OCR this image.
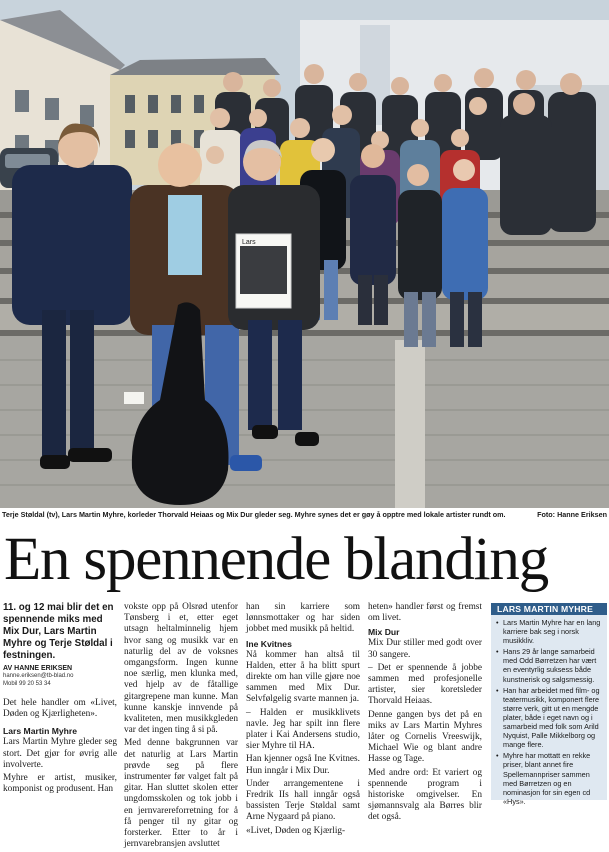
Lars
Terje Støldal (tv), Lars Martin Myhre, korleder Thorvald Heiaas og Mix Dur gleder seg. Myhre synes det er gøy å opptre med lokale artister rundt om.	Foto: Hanne Eriksen
En spennende blanding

11. og 12 mai blir det en spennende miks med Mix Dur, Lars Martin Myhre og Terje Støldal i festningen.

AV HANNE ERIKSEN
hanne.eriksen@tb-blad.no
Mobil 99 20 53 34

Det hele handler om «Livet, Døden og Kjærligheten».

Lars Martin Myhre

Lars Martin Myhre gleder seg stort. Det gjør for øvrig alle involverte.

Myhre er artist, musiker, komponist og produsent. Han

vokste opp på Olsrød utenfor Tønsberg i et, etter eget utsagn heltalminnelig hjem hvor sang og musikk var en naturlig del av de voksnes omgangsform. Ingen kunne noe særlig, men klunka med, ved hjelp av de fåtallige gitargrepene man kunne. Man kunne kanskje innvende på kvaliteten, men musikkgleden var det ingen ting å si på.

Med denne bakgrunnen var det naturlig at Lars Martin prøvde seg på flere instrumenter før valget falt på gitar. Han sluttet skolen etter ungdomsskolen og tok jobb i en jernvarereforretning for å få penger til ny gitar og forsterker. Etter to år i jernvarebransjen avsluttet

han sin karriere som lønnsmottaker og har siden jobbet med musikk på heltid.

Ine Kvitnes

Nå kommer han altså til Halden, etter å ha blitt spurt direkte om han ville gjøre noe sammen med Mix Dur. Selvfølgelig svarte mannen ja.

– Halden er musikklivets navle. Jeg har spilt inn flere plater i Kai Andersens studio, sier Myhre til HA.

Han kjenner også Ine Kvitnes. Hun inngår i Mix Dur.

Under arrangementene i Fredrik IIs hall inngår også bassisten Terje Støldal samt Arne Nygaard på piano.

«Livet, Døden og Kjærlig-

heten» handler først og fremst om livet.

Mix Dur

Mix Dur stiller med godt over 30 sangere.

– Det er spennende å jobbe sammen med profesjonelle artister, sier koretsleder Thorvald Heiaas.

Denne gangen bys det på en miks av Lars Martin Myhres låter og Cornelis Vreeswijk, Michael Wie og blant andre Hasse og Tage.

Med andre ord: Et variert og spennende program i historiske omgivelser. En sjømannsvalg ala Børres blir det også.

LARS MARTIN MYHRE
• Lars Martin Myhre har en lang karriere bak seg i norsk musikkliv.
• Hans 29 år lange samarbeid med Odd Børretzen har vært en eventyrlig suksess både kunstnerisk og salgsmessig.
• Han har arbeidet med film- og teatermusikk, komponert flere større verk, gitt ut en mengde plater, både i eget navn og i samarbeid med folk som Arild Nyquist, Palle Mikkelborg og mange flere.
• Myhre har mottatt en rekke priser, blant annet fire Spellemannpriser sammen med Børretzen og en nominasjon for sin egen cd «Hys».
